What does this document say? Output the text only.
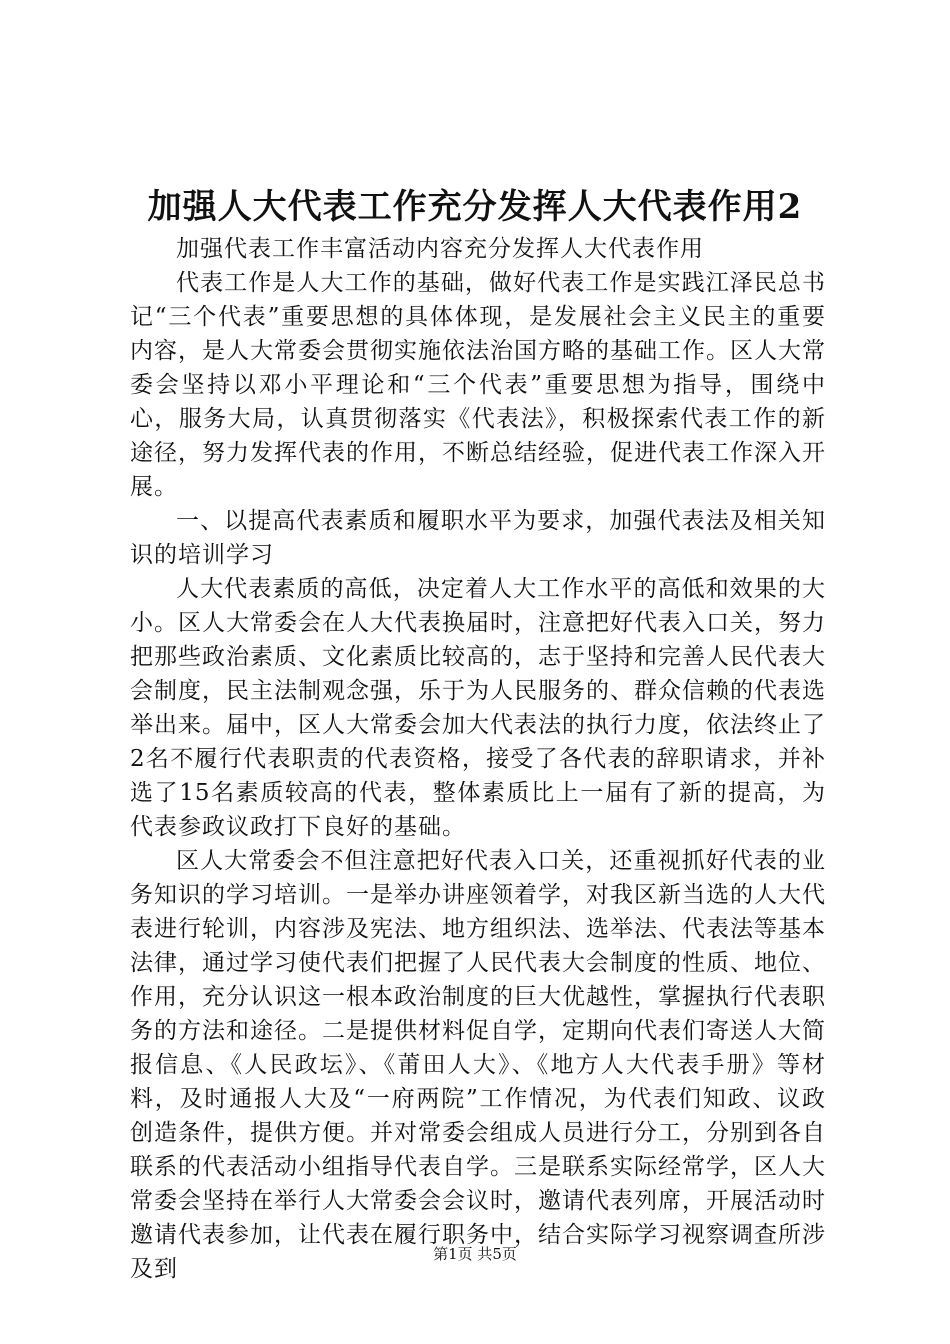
加强人大代表工作充分发挥人大代表作用2

加强代表工作丰富活动内容充分发挥人大代表作用

代表工作是人大工作的基础，做好代表工作是实践江泽民总书记“三个代表”重要思想的具体体现，是发展社会主义民主的重要内容，是人大常委会贯彻实施依法治国方略的基础工作。区人大常委会坚持以邓小平理论和“三个代表”重要思想为指导，围绕中心，服务大局，认真贯彻落实《代表法》，积极探索代表工作的新途径，努力发挥代表的作用，不断总结经验，促进代表工作深入开展。

一、以提高代表素质和履职水平为要求，加强代表法及相关知识的培训学习

人大代表素质的高低，决定着人大工作水平的高低和效果的大小。区人大常委会在人大代表换届时，注意把好代表入口关，努力把那些政治素质、文化素质比较高的，志于坚持和完善人民代表大会制度，民主法制观念强，乐于为人民服务的、群众信赖的代表选举出来。届中，区人大常委会加大代表法的执行力度，依法终止了2名不履行代表职责的代表资格，接受了各代表的辞职请求，并补选了15名素质较高的代表，整体素质比上一届有了新的提高，为代表参政议政打下良好的基础。

区人大常委会不但注意把好代表入口关，还重视抓好代表的业务知识的学习培训。一是举办讲座领着学，对我区新当选的人大代表进行轮训，内容涉及宪法、地方组织法、选举法、代表法等基本法律，通过学习使代表们把握了人民代表大会制度的性质、地位、作用，充分认识这一根本政治制度的巨大优越性，掌握执行代表职务的方法和途径。二是提供材料促自学，定期向代表们寄送人大简报信息、《人民政坛》、《莆田人大》、《地方人大代表手册》等材料，及时通报人大及“一府两院”工作情况，为代表们知政、议政创造条件，提供方便。并对常委会组成人员进行分工，分别到各自联系的代表活动小组指导代表自学。三是联系实际经常学，区人大常委会坚持在举行人大常委会会议时，邀请代表列席，开展活动时邀请代表参加，让代表在履行职务中，结合实际学习视察调查所涉及到

第1页 共5页
